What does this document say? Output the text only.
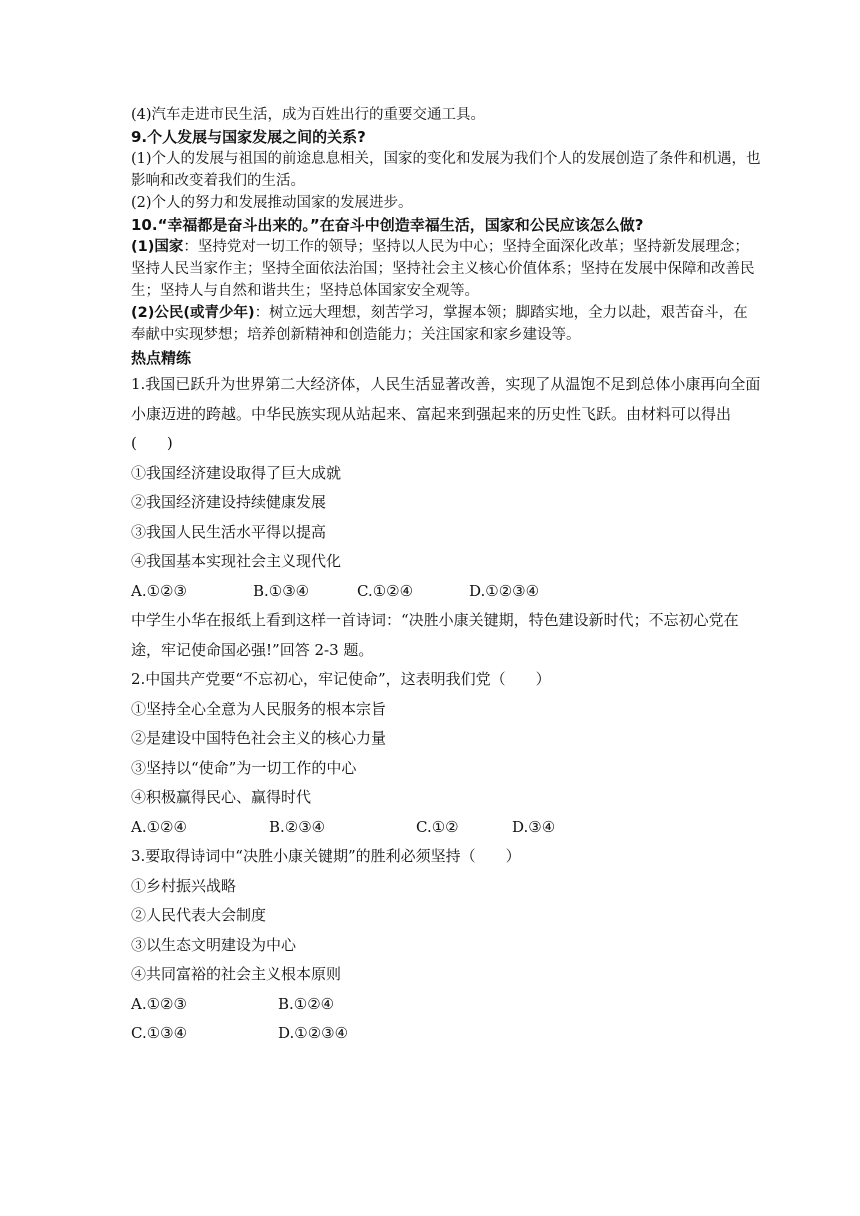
(4)汽车走进市民生活，成为百姓出行的重要交通工具。

9.个人发展与国家发展之间的关系?

(1)个人的发展与祖国的前途息息相关，国家的变化和发展为我们个人的发展创造了条件和机遇，也影响和改变着我们的生活。

(2)个人的努力和发展推动国家的发展进步。

10.“幸福都是奋斗出来的。”在奋斗中创造幸福生活，国家和公民应该怎么做?

(1)国家：坚持党对一切工作的领导；坚持以人民为中心；坚持全面深化改革；坚持新发展理念；坚持人民当家作主；坚持全面依法治国；坚持社会主义核心价值体系；坚持在发展中保障和改善民生；坚持人与自然和谐共生；坚持总体国家安全观等。

(2)公民(或青少年)：树立远大理想，刻苦学习，掌握本领；脚踏实地，全力以赴，艰苦奋斗，在奉献中实现梦想；培养创新精神和创造能力；关注国家和家乡建设等。

热点精练

1.我国已跃升为世界第二大经济体，人民生活显著改善，实现了从温饱不足到总体小康再向全面小康迈进的跨越。中华民族实现从站起来、富起来到强起来的历史性飞跃。由材料可以得出(　　)

①我国经济建设取得了巨大成就

②我国经济建设持续健康发展

③我国人民生活水平得以提高

④我国基本实现社会主义现代化

A.①②③	B.①③④	C.①②④	D.①②③④

中学生小华在报纸上看到这样一首诗词：“决胜小康关键期，特色建设新时代；不忘初心党在途，牢记使命国必强!”回答 2-3 题。

2.中国共产党要“不忘初心，牢记使命”，这表明我们党（　　）

①坚持全心全意为人民服务的根本宗旨

②是建设中国特色社会主义的核心力量

③坚持以“使命”为一切工作的中心

④积极赢得民心、赢得时代

A.①②④	B.②③④	C.①②	D.③④

3.要取得诗词中“决胜小康关键期”的胜利必须坚持（　　）

①乡村振兴战略

②人民代表大会制度

③以生态文明建设为中心

④共同富裕的社会主义根本原则

A.①②③	B.①②④
C.①③④	D.①②③④
